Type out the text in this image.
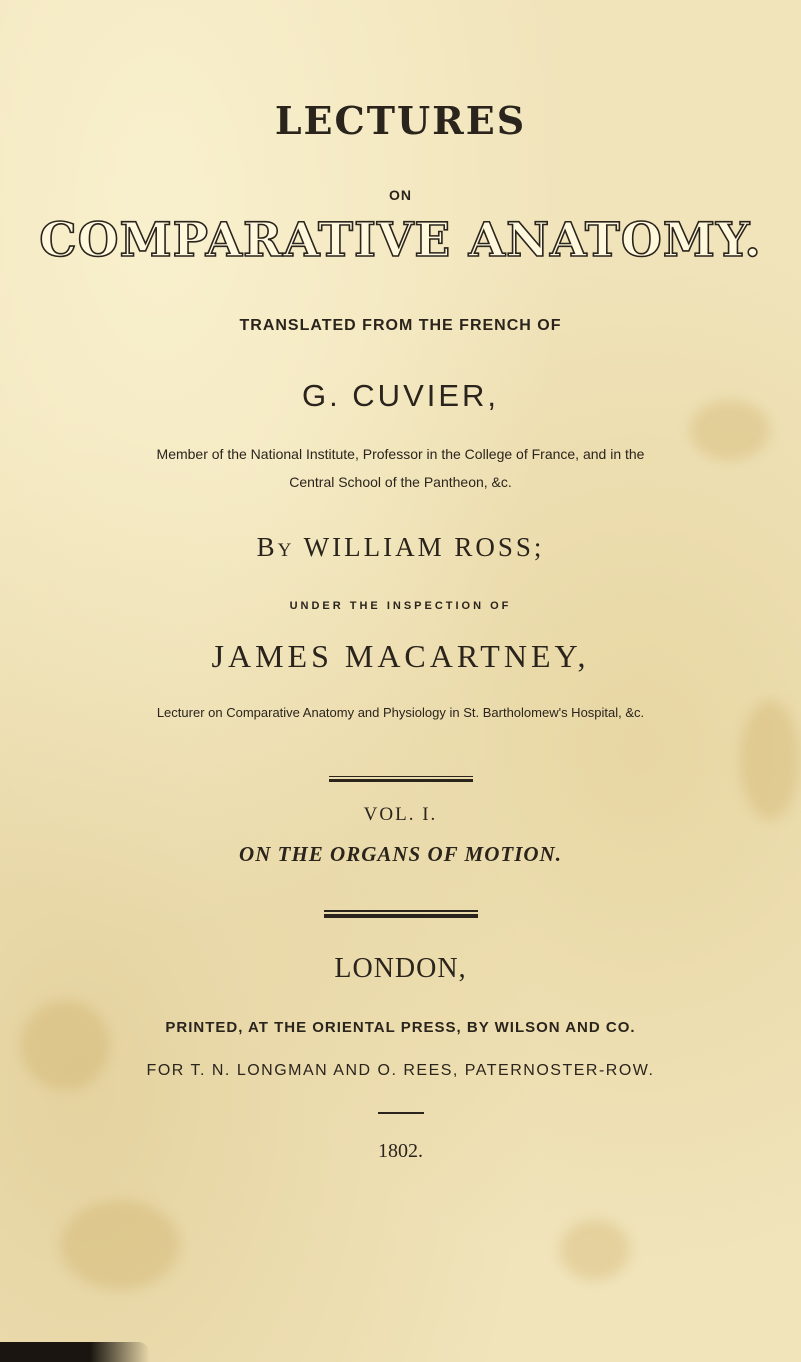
LECTURES
ON
COMPARATIVE ANATOMY.
TRANSLATED FROM THE FRENCH OF
G. CUVIER,
Member of the National Institute, Professor in the College of France, and in the
Central School of the Pantheon, &c.
By WILLIAM ROSS;
UNDER THE INSPECTION OF
JAMES MACARTNEY,
Lecturer on Comparative Anatomy and Physiology in St. Bartholomew's Hospital, &c.
VOL. I.
ON THE ORGANS OF MOTION.
LONDON,
PRINTED, AT THE ORIENTAL PRESS, BY WILSON AND CO.
FOR T. N. LONGMAN AND O. REES, PATERNOSTER-ROW.
1802.
